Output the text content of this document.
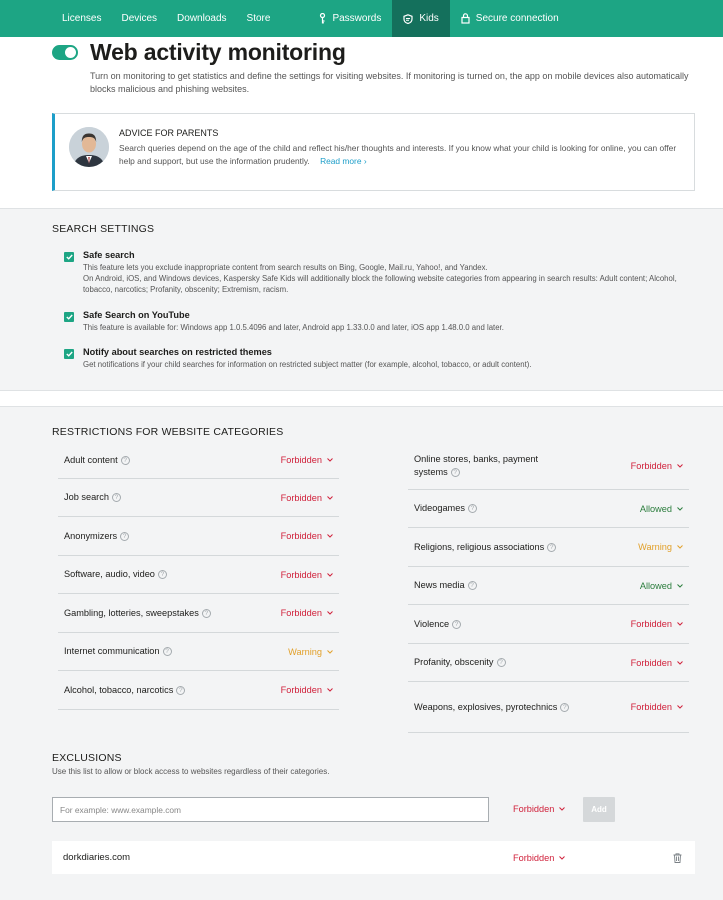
Licenses	Devices	Downloads	Store	Passwords	Kids	Secure connection
Web activity monitoring

Turn on monitoring to get statistics and define the settings for visiting websites. If monitoring is turned on, the app on mobile devices also automatically blocks malicious and phishing websites.

ADVICE FOR PARENTS
Search queries depend on the age of the child and reflect his/her thoughts and interests. If you know what your child is looking for online, you can offer help and support, but use the information prudently. Read more ›
SEARCH SETTINGS
Safe search
This feature lets you exclude inappropriate content from search results on Bing, Google, Mail.ru, Yahoo!, and Yandex.
On Android, iOS, and Windows devices, Kaspersky Safe Kids will additionally block the following website categories from appearing in search results: Adult content; Alcohol, tobacco, narcotics; Profanity, obscenity; Extremism, racism.
Safe Search on YouTube
This feature is available for: Windows app 1.0.5.4096 and later, Android app 1.33.0.0 and later, iOS app 1.48.0.0 and later.
Notify about searches on restricted themes
Get notifications if your child searches for information on restricted subject matter (for example, alcohol, tobacco, or adult content).
RESTRICTIONS FOR WEBSITE CATEGORIES
Adult content ?	Forbidden
Job search ?	Forbidden
Anonymizers ?	Forbidden
Software, audio, video ?	Forbidden
Gambling, lotteries, sweepstakes ?	Forbidden
Internet communication ?	Warning
Alcohol, tobacco, narcotics ?	Forbidden
Online stores, banks, payment systems ?
Forbidden
Videogames ?	Allowed
Religions, religious associations ?	Warning
News media ?	Allowed
Violence ?	Forbidden
Profanity, obscenity ?	Forbidden
Weapons, explosives, pyrotechnics ?	Forbidden
EXCLUSIONS
Use this list to allow or block access to websites regardless of their categories.
For example: www.example.com
Forbidden	Add
dorkdiaries.com	Forbidden
